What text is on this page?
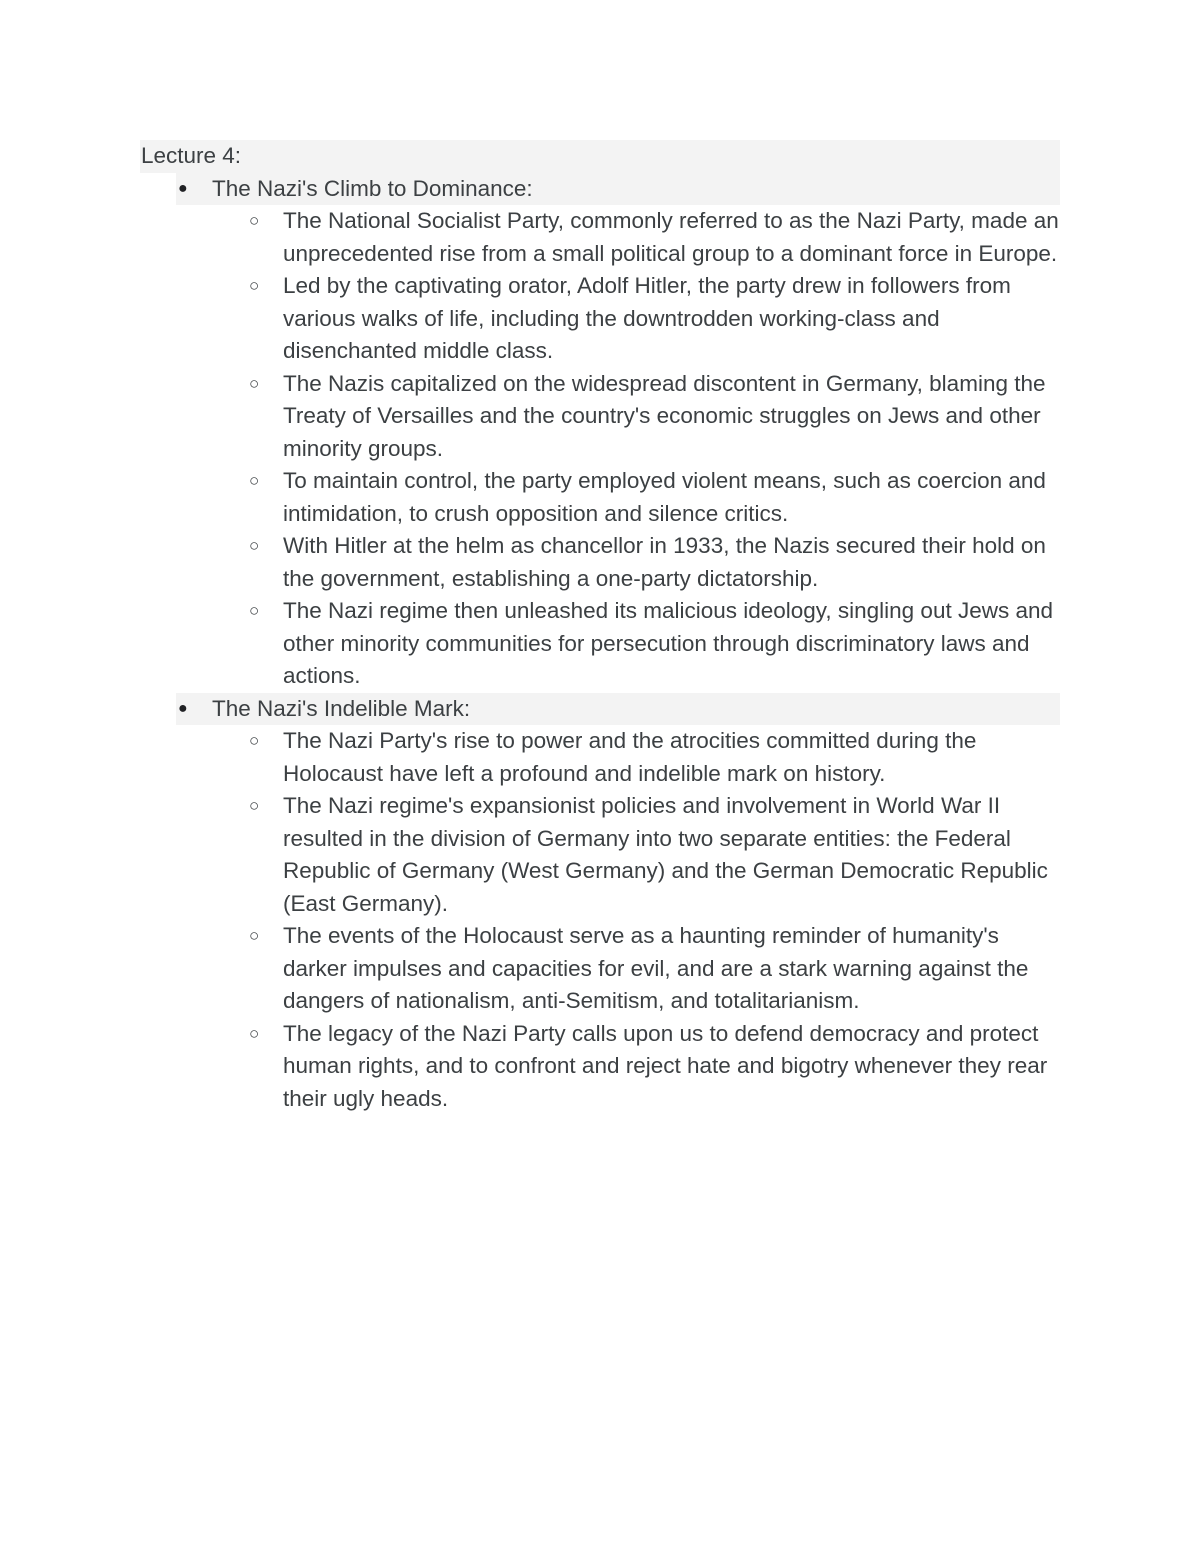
Lecture 4:
● The Nazi's Climb to Dominance:
○ The National Socialist Party, commonly referred to as the Nazi Party, made an unprecedented rise from a small political group to a dominant force in Europe.
○ Led by the captivating orator, Adolf Hitler, the party drew in followers from various walks of life, including the downtrodden working-class and disenchanted middle class.
○ The Nazis capitalized on the widespread discontent in Germany, blaming the Treaty of Versailles and the country's economic struggles on Jews and other minority groups.
○ To maintain control, the party employed violent means, such as coercion and intimidation, to crush opposition and silence critics.
○ With Hitler at the helm as chancellor in 1933, the Nazis secured their hold on the government, establishing a one-party dictatorship.
○ The Nazi regime then unleashed its malicious ideology, singling out Jews and other minority communities for persecution through discriminatory laws and actions.
● The Nazi's Indelible Mark:
○ The Nazi Party's rise to power and the atrocities committed during the Holocaust have left a profound and indelible mark on history.
○ The Nazi regime's expansionist policies and involvement in World War II resulted in the division of Germany into two separate entities: the Federal Republic of Germany (West Germany) and the German Democratic Republic (East Germany).
○ The events of the Holocaust serve as a haunting reminder of humanity's darker impulses and capacities for evil, and are a stark warning against the dangers of nationalism, anti-Semitism, and totalitarianism.
○ The legacy of the Nazi Party calls upon us to defend democracy and protect human rights, and to confront and reject hate and bigotry whenever they rear their ugly heads.
